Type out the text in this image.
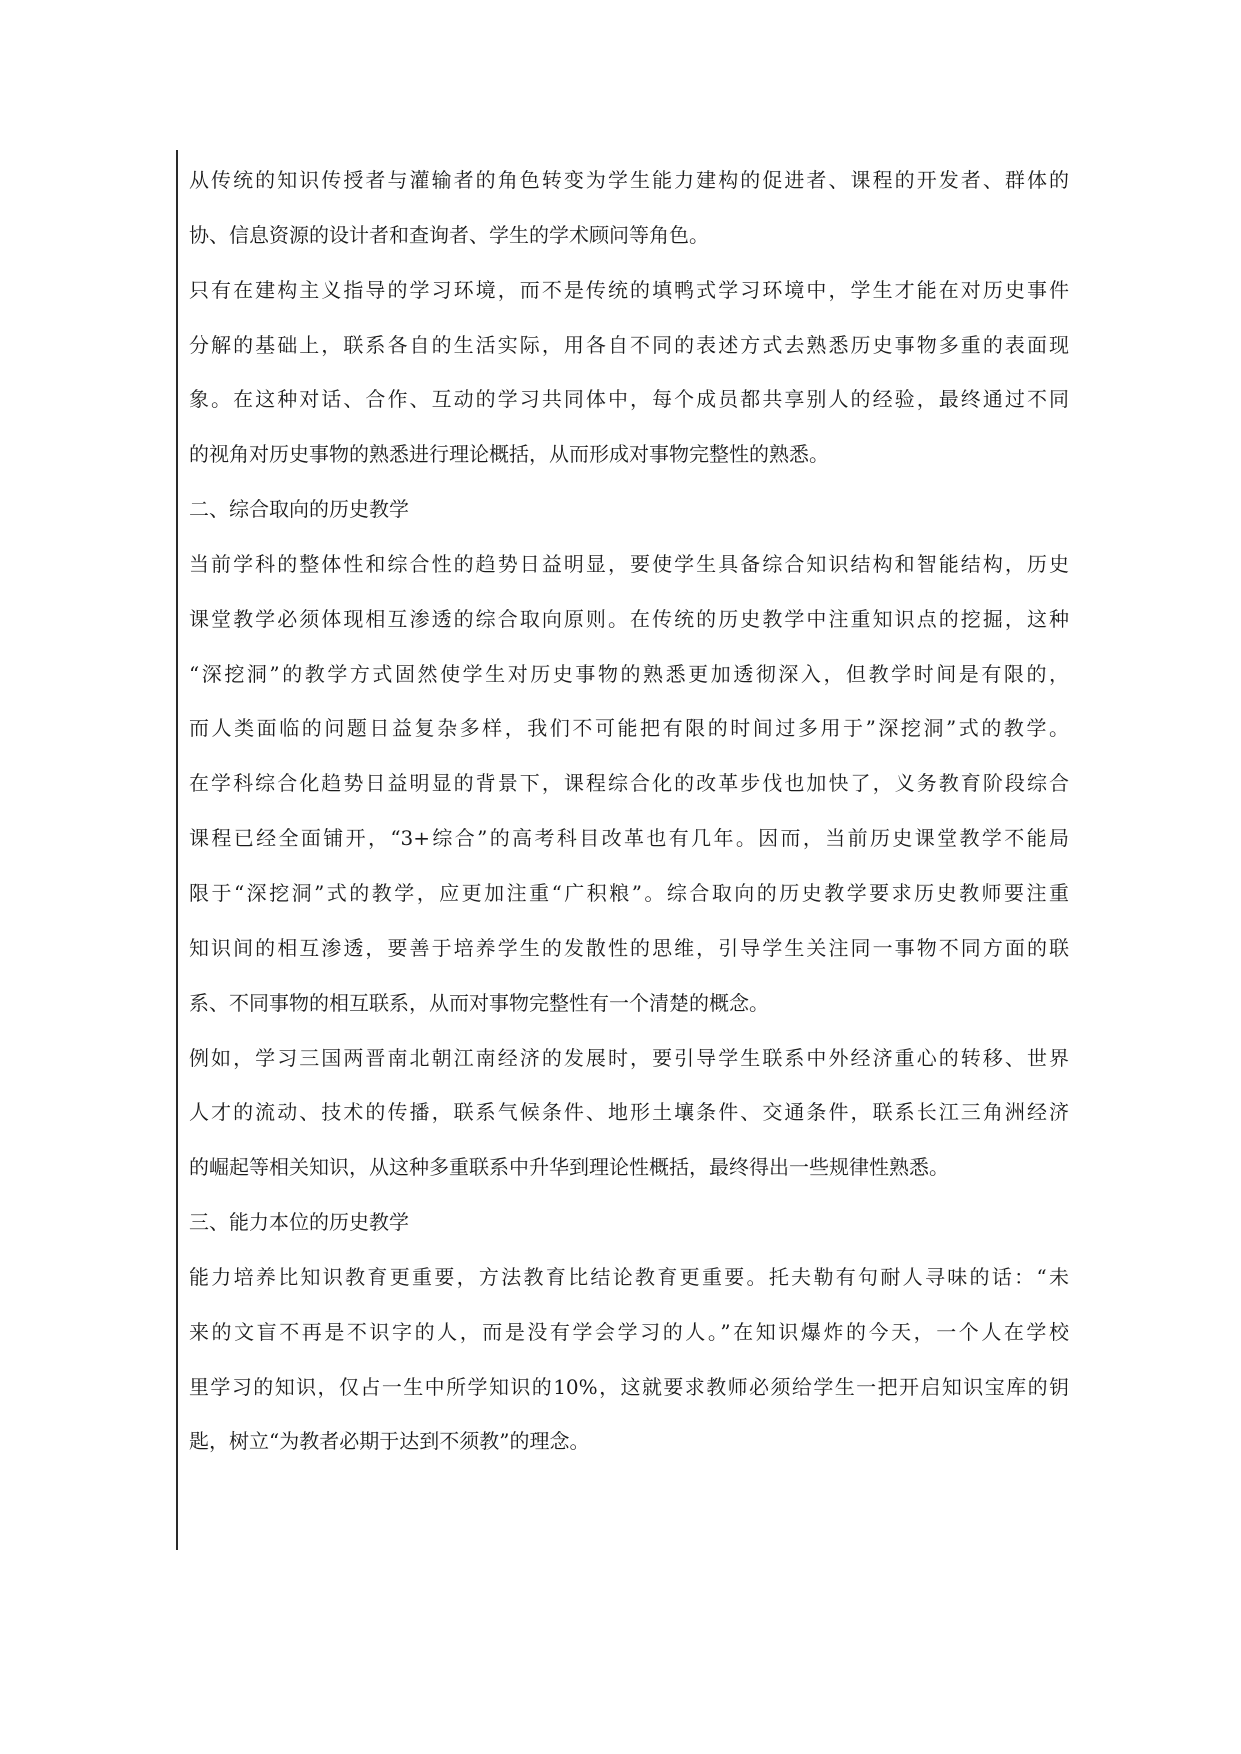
从传统的知识传授者与灌输者的角色转变为学生能力建构的促进者、课程的开发者、群体的
协、信息资源的设计者和查询者、学生的学术顾问等角色。
只有在建构主义指导的学习环境，而不是传统的填鸭式学习环境中，学生才能在对历史事件
分解的基础上，联系各自的生活实际，用各自不同的表述方式去熟悉历史事物多重的表面现
象。在这种对话、合作、互动的学习共同体中，每个成员都共享别人的经验，最终通过不同
的视角对历史事物的熟悉进行理论概括，从而形成对事物完整性的熟悉。
二、综合取向的历史教学
当前学科的整体性和综合性的趋势日益明显，要使学生具备综合知识结构和智能结构，历史
课堂教学必须体现相互渗透的综合取向原则。在传统的历史教学中注重知识点的挖掘，这种
“深挖洞”的教学方式固然使学生对历史事物的熟悉更加透彻深入，但教学时间是有限的，
而人类面临的问题日益复杂多样，我们不可能把有限的时间过多用于”深挖洞”式的教学。
在学科综合化趋势日益明显的背景下，课程综合化的改革步伐也加快了，义务教育阶段综合
课程已经全面铺开，“3+综合”的高考科目改革也有几年。因而，当前历史课堂教学不能局
限于“深挖洞”式的教学，应更加注重“广积粮”。综合取向的历史教学要求历史教师要注重
知识间的相互渗透，要善于培养学生的发散性的思维，引导学生关注同一事物不同方面的联
系、不同事物的相互联系，从而对事物完整性有一个清楚的概念。
例如，学习三国两晋南北朝江南经济的发展时，要引导学生联系中外经济重心的转移、世界
人才的流动、技术的传播，联系气候条件、地形土壤条件、交通条件，联系长江三角洲经济
的崛起等相关知识，从这种多重联系中升华到理论性概括，最终得出一些规律性熟悉。
三、能力本位的历史教学
能力培养比知识教育更重要，方法教育比结论教育更重要。托夫勒有句耐人寻味的话：“未
来的文盲不再是不识字的人，而是没有学会学习的人。”在知识爆炸的今天，一个人在学校
里学习的知识，仅占一生中所学知识的10%，这就要求教师必须给学生一把开启知识宝库的钥
匙，树立“为教者必期于达到不须教”的理念。
